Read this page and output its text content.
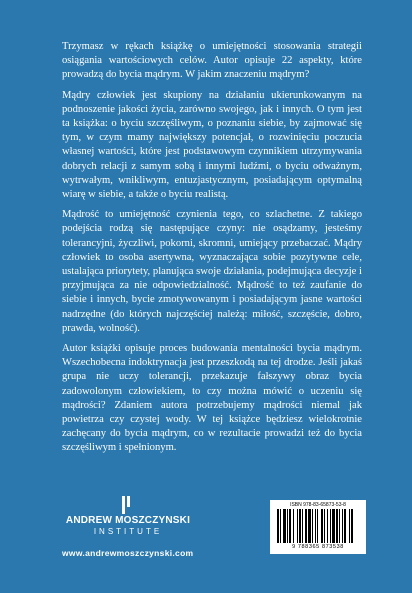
Trzymasz w rękach książkę o umiejętności stosowania strategii osiągania wartościowych celów. Autor opisuje 22 aspekty, które prowadzą do bycia mądrym. W jakim znaczeniu mądrym?

Mądry człowiek jest skupiony na działaniu ukierunkowanym na podnoszenie jakości życia, zarówno swojego, jak i innych. O tym jest ta książka: o byciu szczęśliwym, o poznaniu siebie, by zajmować się tym, w czym mamy największy potencjał, o rozwinięciu poczucia własnej wartości, które jest podstawowym czynnikiem utrzymywania dobrych relacji z samym sobą i innymi ludźmi, o byciu odważnym, wytrwałym, wnikliwym, entuzjastycznym, posiadającym optymalną wiarę w siebie, a także o byciu realistą.

Mądrość to umiejętność czynienia tego, co szlachetne. Z takiego podejścia rodzą się następujące czyny: nie osądzamy, jesteśmy tolerancyjni, życzliwi, pokorni, skromni, umiejący przebaczać. Mądry człowiek to osoba asertywna, wyznaczająca sobie pozytywne cele, ustalająca priorytety, planująca swoje działania, podejmująca decyzje i przyjmująca za nie odpowiedzialność. Mądrość to też zaufanie do siebie i innych, bycie zmotywowanym i posiadającym jasne wartości nadrzędne (do których najczęściej należą: miłość, szczęście, dobro, prawda, wolność).

Autor książki opisuje proces budowania mentalności bycia mądrym. Wszechobecna indoktrynacja jest przeszkodą na tej drodze. Jeśli jakaś grupa nie uczy tolerancji, przekazuje fałszywy obraz bycia zadowolonym człowiekiem, to czy można mówić o uczeniu się mądrości? Zdaniem autora potrzebujemy mądrości niemal jak powietrza czy czystej wody. W tej książce będziesz wielokrotnie zachęcany do bycia mądrym, co w rezultacie prowadzi też do bycia szczęśliwym i spełnionym.

ANDREW MOSZCZYNSKI
INSTITUTE
www.andrewmoszczynski.com
ISBN 978-83-65873-53-8
9 788365 873538
